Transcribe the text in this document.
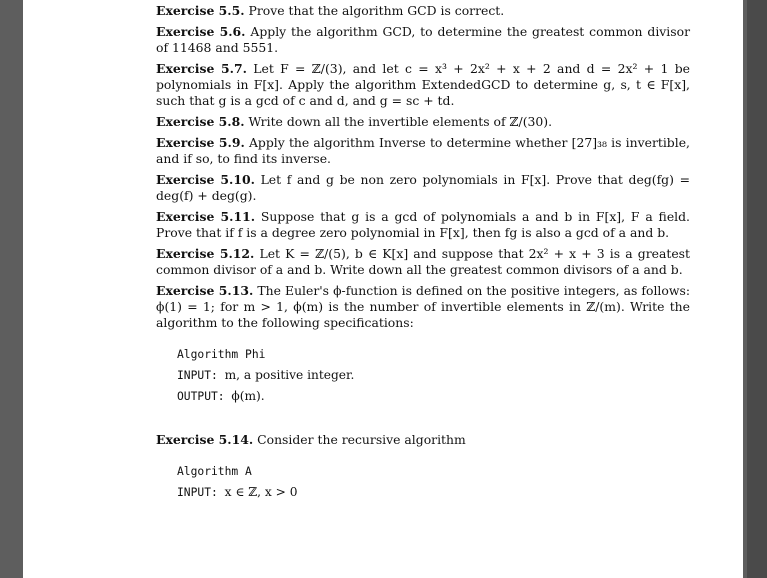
Exercise 5.5. Prove that the algorithm GCD is correct.

Exercise 5.6. Apply the algorithm GCD, to determine the greatest common divisor of 11468 and 5551.

Exercise 5.7. Let F = ℤ/(3), and let c = x³ + 2x² + x + 2 and d = 2x² + 1 be polynomials in F[x]. Apply the algorithm ExtendedGCD to determine g, s, t ∈ F[x], such that g is a gcd of c and d, and g = sc + td.

Exercise 5.8. Write down all the invertible elements of ℤ/(30).

Exercise 5.9. Apply the algorithm Inverse to determine whether [27]₃₈ is invertible, and if so, to find its inverse.

Exercise 5.10. Let f and g be non zero polynomials in F[x]. Prove that deg(fg) = deg(f) + deg(g).

Exercise 5.11. Suppose that g is a gcd of polynomials a and b in F[x], F a field. Prove that if f is a degree zero polynomial in F[x], then fg is also a gcd of a and b.

Exercise 5.12. Let K = ℤ/(5), b ∈ K[x] and suppose that 2x² + x + 3 is a greatest common divisor of a and b. Write down all the greatest common divisors of a and b.

Exercise 5.13. The Euler's ϕ-function is defined on the positive integers, as follows: ϕ(1) = 1; for m > 1, ϕ(m) is the number of invertible elements in ℤ/(m). Write the algorithm to the following specifications:

Algorithm Phi
INPUT: m, a positive integer.
OUTPUT: ϕ(m).

Exercise 5.14. Consider the recursive algorithm

Algorithm A
INPUT: x ∈ ℤ, x > 0
